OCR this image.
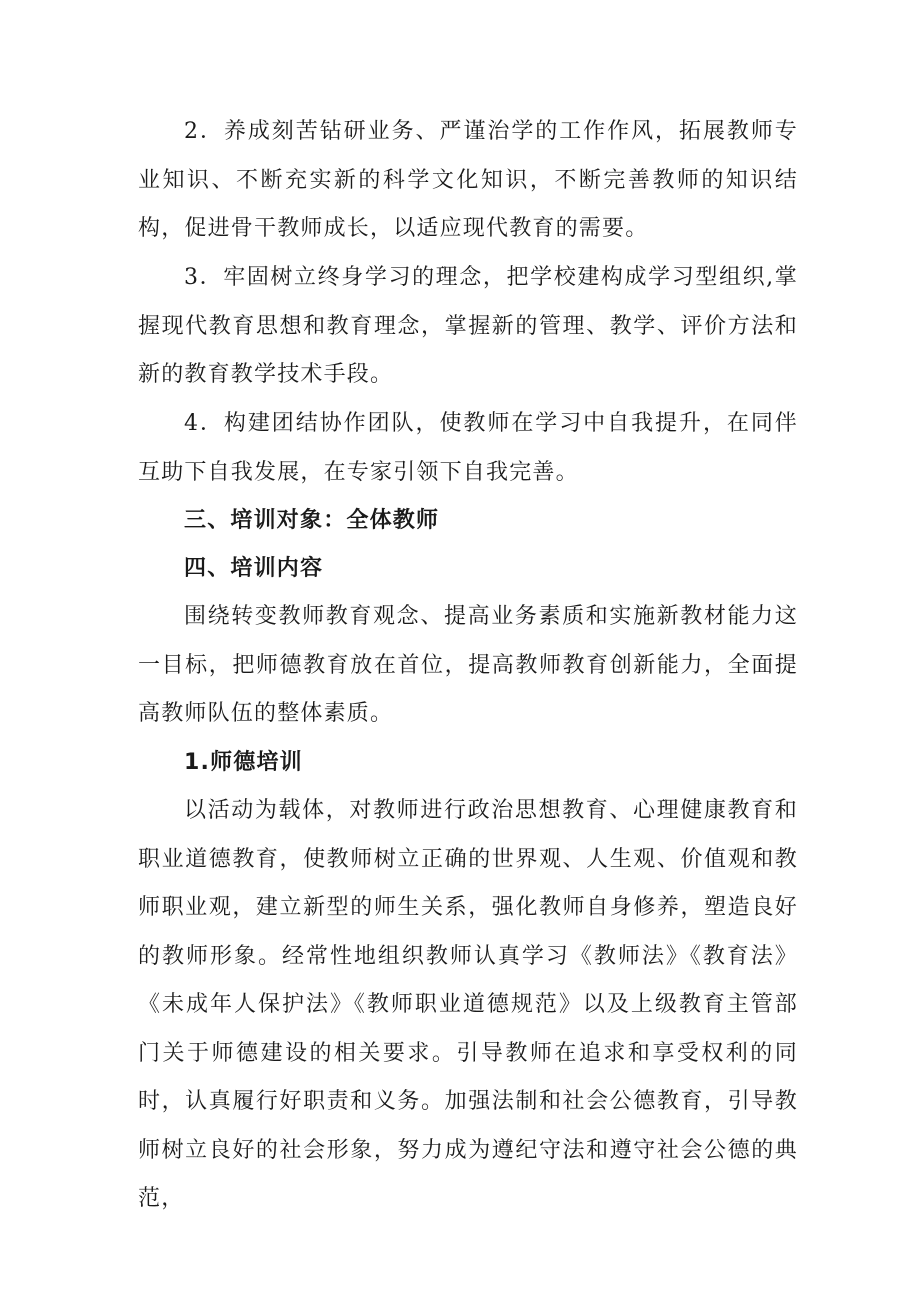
2．养成刻苦钻研业务、严谨治学的工作作风，拓展教师专业知识、不断充实新的科学文化知识，不断完善教师的知识结构，促进骨干教师成长，以适应现代教育的需要。

3．牢固树立终身学习的理念，把学校建构成学习型组织,掌握现代教育思想和教育理念，掌握新的管理、教学、评价方法和新的教育教学技术手段。

4．构建团结协作团队，使教师在学习中自我提升，在同伴互助下自我发展，在专家引领下自我完善。

三、培训对象：全体教师

四、培训内容

围绕转变教师教育观念、提高业务素质和实施新教材能力这一目标，把师德教育放在首位，提高教师教育创新能力，全面提高教师队伍的整体素质。

1.师德培训

以活动为载体，对教师进行政治思想教育、心理健康教育和职业道德教育，使教师树立正确的世界观、人生观、价值观和教师职业观，建立新型的师生关系，强化教师自身修养，塑造良好的教师形象。经常性地组织教师认真学习《教师法》《教育法》《未成年人保护法》《教师职业道德规范》以及上级教育主管部门关于师德建设的相关要求。引导教师在追求和享受权利的同时，认真履行好职责和义务。加强法制和社会公德教育，引导教师树立良好的社会形象，努力成为遵纪守法和遵守社会公德的典范，
